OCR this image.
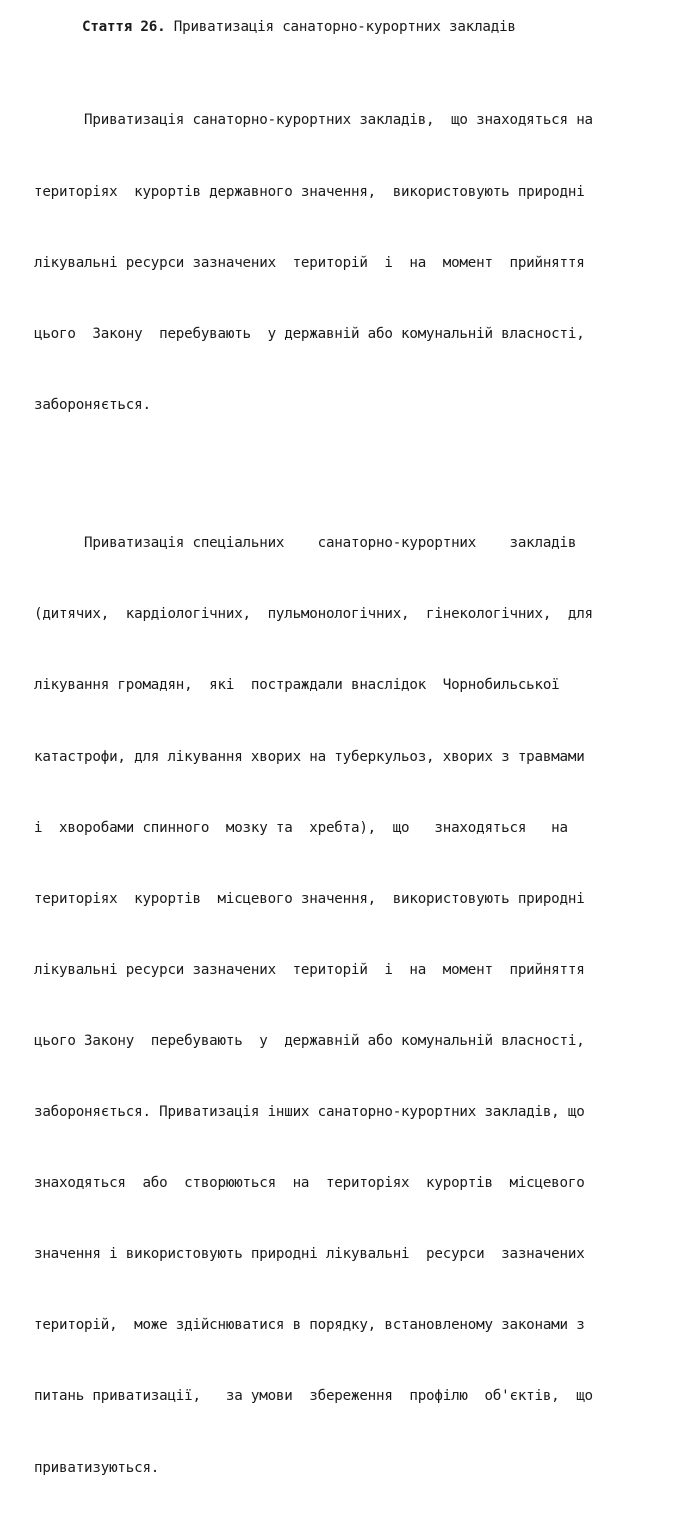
Стаття 26. Приватизація санаторно-курортних закладів

Приватизація санаторно-курортних закладів,  що знаходяться на

територіях  курортів державного значення,  використовують природні

лікувальні ресурси зазначених  територій  і  на  момент  прийняття

цього  Закону  перебувають  у державній або комунальній власності,

забороняється.

Приватизація спеціальних    санаторно-курортних    закладів

(дитячих,  кардіологічних,  пульмонологічних,  гінекологічних,  для

лікування громадян,  які  постраждали внаслідок  Чорнобильської

катастрофи, для лікування хворих на туберкульоз, хворих з травмами

і  хворобами спинного  мозку та  хребта),  що   знаходяться   на

територіях  курортів  місцевого значення,  використовують природні

лікувальні ресурси зазначених  територій  і  на  момент  прийняття

цього Закону  перебувають  у  державній або комунальній власності,

забороняється. Приватизація інших санаторно-курортних закладів, що

знаходяться  або  створюються  на  територіях  курортів  місцевого

значення і використовують природні лікувальні  ресурси  зазначених

територій,  може здійснюватися в порядку, встановленому законами з

питань приватизації,   за умови  збереження  профілю  об'єктів,  що

приватизуються.
